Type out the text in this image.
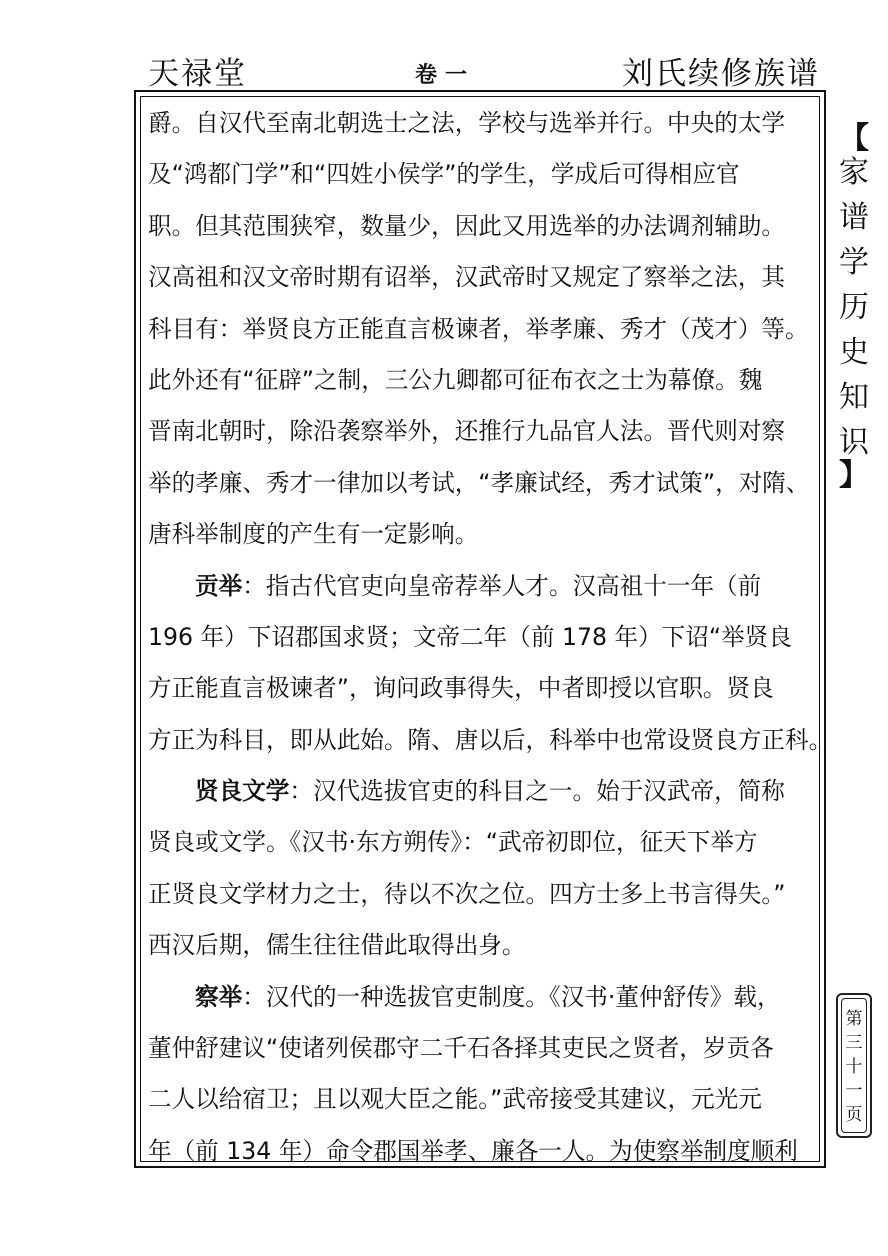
天禄堂	卷一	刘氏续修族谱
爵。自汉代至南北朝选士之法，学校与选举并行。中央的太学
及“鸿都门学”和“四姓小侯学”的学生，学成后可得相应官
职。但其范围狭窄，数量少，因此又用选举的办法调剂辅助。
汉高祖和汉文帝时期有诏举，汉武帝时又规定了察举之法，其
科目有：举贤良方正能直言极谏者，举孝廉、秀才（茂才）等。
此外还有“征辟”之制，三公九卿都可征布衣之士为幕僚。魏
晋南北朝时，除沿袭察举外，还推行九品官人法。晋代则对察
举的孝廉、秀才一律加以考试，“孝廉试经，秀才试策”，对隋、
唐科举制度的产生有一定影响。
贡举：指古代官吏向皇帝荐举人才。汉高祖十一年（前
196 年）下诏郡国求贤；文帝二年（前 178 年）下诏“举贤良
方正能直言极谏者”，询问政事得失，中者即授以官职。贤良
方正为科目，即从此始。隋、唐以后，科举中也常设贤良方正科。
贤良文学：汉代选拔官吏的科目之一。始于汉武帝，简称
贤良或文学。《汉书·东方朔传》：“武帝初即位，征天下举方
正贤良文学材力之士，待以不次之位。四方士多上书言得失。”
西汉后期，儒生往往借此取得出身。
察举：汉代的一种选拔官吏制度。《汉书·董仲舒传》载，
董仲舒建议“使诸列侯郡守二千石各择其吏民之贤者，岁贡各
二人以给宿卫；且以观大臣之能。”武帝接受其建议，元光元
年（前 134 年）命令郡国举孝、廉各一人。为使察举制度顺利
【
家
谱
学
历
史
知
识
】
第
三
十
一
页
